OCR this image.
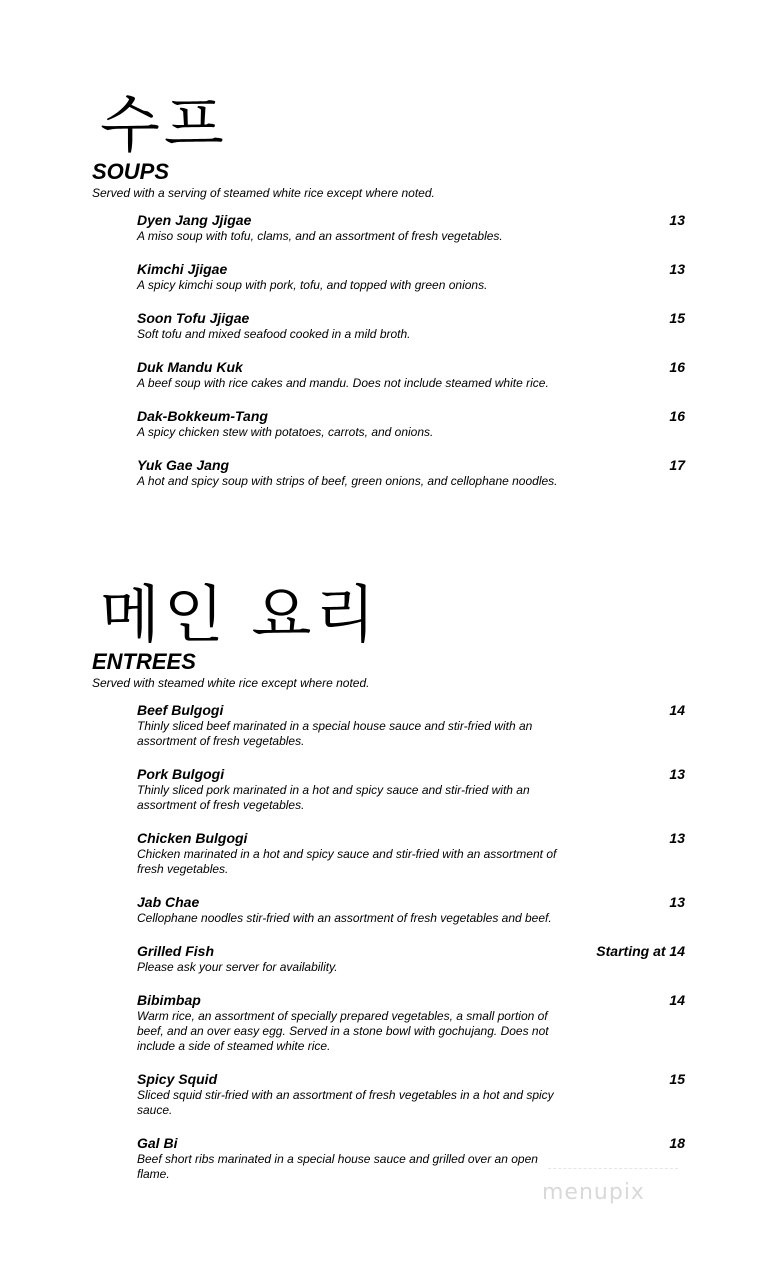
수프
SOUPS
Served with a serving of steamed white rice except where noted.
Dyen Jang Jjigae
A miso soup with tofu, clams, and an assortment of fresh vegetables.
13
Kimchi Jjigae
A spicy kimchi soup with pork, tofu, and topped with green onions.
13
Soon Tofu Jjigae
Soft tofu and mixed seafood cooked in a mild broth.
15
Duk Mandu Kuk
A beef soup with rice cakes and mandu. Does not include steamed white rice.
16
Dak-Bokkeum-Tang
A spicy chicken stew with potatoes, carrots, and onions.
16
Yuk Gae Jang
A hot and spicy soup with strips of beef, green onions, and cellophane noodles.
17
메인 요리
ENTREES
Served with steamed white rice except where noted.
Beef Bulgogi
Thinly sliced beef marinated in a special house sauce and stir-fried with an assortment of fresh vegetables.
14
Pork Bulgogi
Thinly sliced pork marinated in a hot and spicy sauce and stir-fried with an assortment of fresh vegetables.
13
Chicken Bulgogi
Chicken marinated in a hot and spicy sauce and stir-fried with an assortment of fresh vegetables.
13
Jab Chae
Cellophane noodles stir-fried with an assortment of fresh vegetables and beef.
13
Grilled Fish
Please ask your server for availability.
Starting at 14
Bibimbap
Warm rice, an assortment of specially prepared vegetables, a small portion of beef, and an over easy egg. Served in a stone bowl with gochujang. Does not include a side of steamed white rice.
14
Spicy Squid
Sliced squid stir-fried with an assortment of fresh vegetables in a hot and spicy sauce.
15
Gal Bi
Beef short ribs marinated in a special house sauce and grilled over an open flame.
18
menupix
